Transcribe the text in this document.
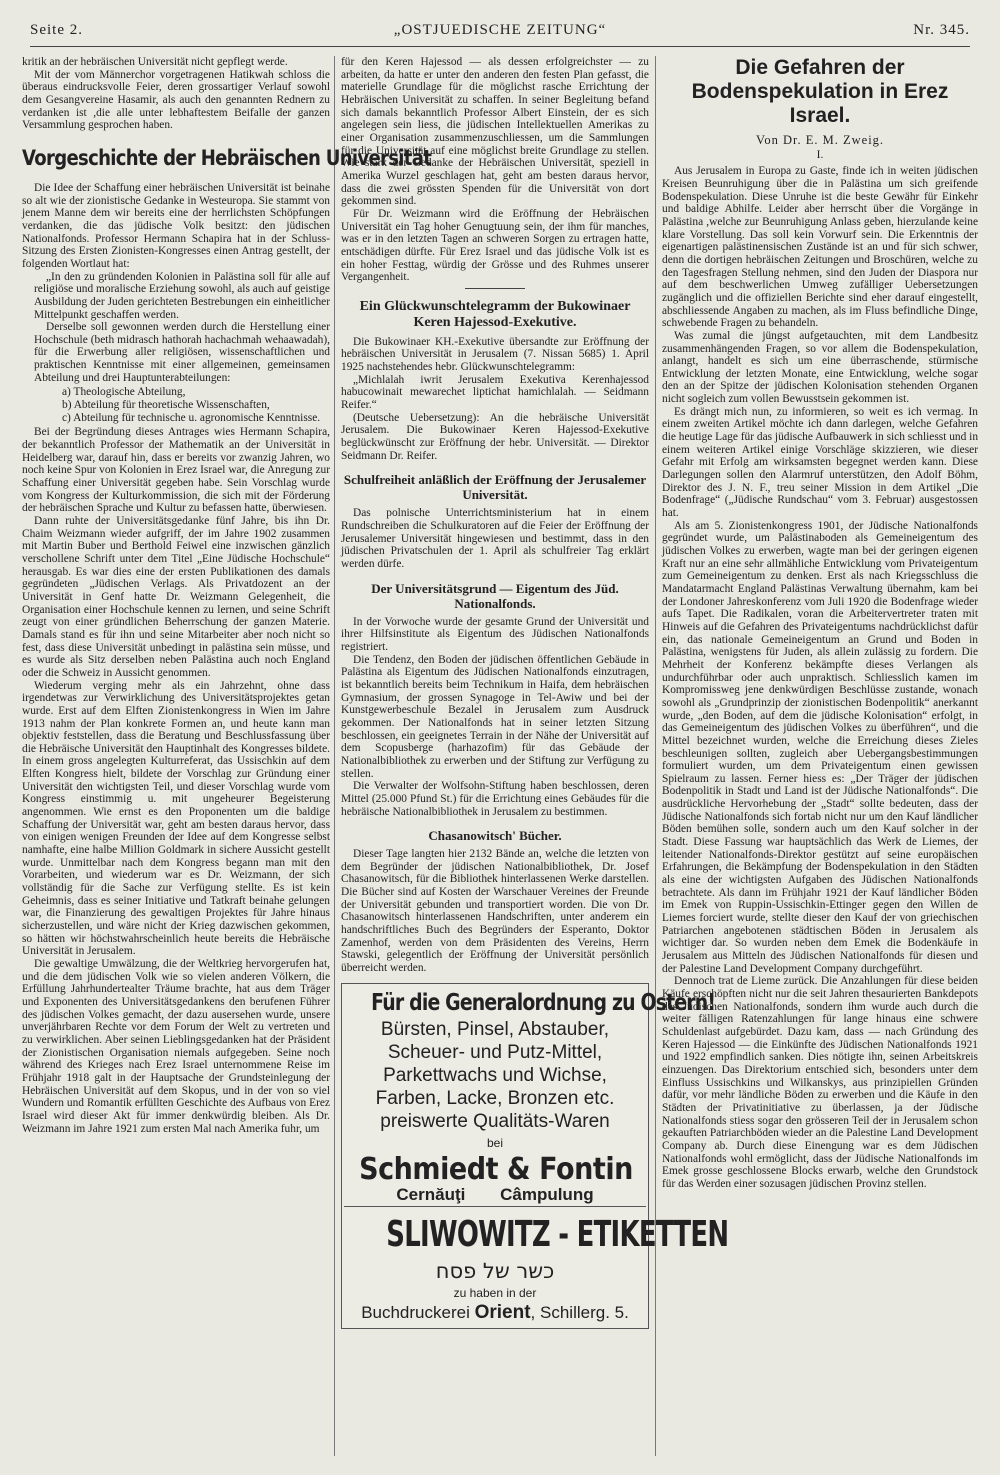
Seite 2.	„OSTJUEDISCHE ZEITUNG“	Nr. 345.

kritik an der hebräischen Universität nicht gepflegt werde.

Mit der vom Männerchor vorgetragenen Hatikwah schloss die überaus eindrucksvolle Feier, deren grossartiger Verlauf sowohl dem Gesangvereine Hasamir, als auch den genannten Rednern zu verdanken ist ,die alle unter lebhaftestem Beifalle der ganzen Versammlung gesprochen haben.

Vorgeschichte der Hebräischen Universität

Die Idee der Schaffung einer hebräischen Universität ist beinahe so alt wie der zionistische Gedanke in Westeuropa. Sie stammt von jenem Manne dem wir bereits eine der herrlichsten Schöpfungen verdanken, die das jüdische Volk besitzt: den jüdischen Nationalfonds. Professor Hermann Schapira hat in der Schluss-Sitzung des Ersten Zionisten-Kongresses einen Antrag gestellt, der folgenden Wortlaut hat:

„In den zu gründenden Kolonien in Palästina soll für alle auf religiöse und moralische Erziehung sowohl, als auch auf geistige Ausbildung der Juden gerichteten Bestrebungen ein einheitlicher Mittelpunkt geschaffen werden.

Derselbe soll gewonnen werden durch die Herstellung einer Hochschule (beth midrasch hathorah hachachmah wehaawadah), für die Erwerbung aller religiösen, wissenschaftlichen und praktischen Kenntnisse mit einer allgemeinen, gemeinsamen Abteilung und drei Hauptunterabteilungen:

a) Theologische Abteilung,
b) Abteilung für theoretische Wissenschaften,
c) Abteilung für technische u. agronomische Kenntnisse.

Bei der Begründung dieses Antrages wies Hermann Schapira, der bekanntlich Professor der Mathematik an der Universität in Heidelberg war, darauf hin, dass er bereits vor zwanzig Jahren, wo noch keine Spur von Kolonien in Erez Israel war, die Anregung zur Schaffung einer Universität gegeben habe. Sein Vorschlag wurde vom Kongress der Kulturkommission, die sich mit der Förderung der hebräischen Sprache und Kultur zu befassen hatte, überwiesen.

Dann ruhte der Universitätsgedanke fünf Jahre, bis ihn Dr. Chaim Weizmann wieder aufgriff, der im Jahre 1902 zusammen mit Martin Buber und Berthold Feiwel eine inzwischen gänzlich verschollene Schrift unter dem Titel „Eine Jüdische Hochschule“ herausgab. Es war dies eine der ersten Publikationen des damals gegründeten „Jüdischen Verlags. Als Privatdozent an der Universität in Genf hatte Dr. Weizmann Gelegenheit, die Organisation einer Hochschule kennen zu lernen, und seine Schrift zeugt von einer gründlichen Beherrschung der ganzen Materie. Damals stand es für ihn und seine Mitarbeiter aber noch nicht so fest, dass diese Universität unbedingt in palästina sein müsse, und es wurde als Sitz derselben neben Palästina auch noch England oder die Schweiz in Aussicht genommen.

Wiederum verging mehr als ein Jahrzehnt, ohne dass irgendetwas zur Verwirklichung des Universitätsprojektes getan wurde. Erst auf dem Elften Zionistenkongress in Wien im Jahre 1913 nahm der Plan konkrete Formen an, und heute kann man objektiv feststellen, dass die Beratung und Beschlussfassung über die Hebräische Universität den Hauptinhalt des Kongresses bildete. In einem gross angelegten Kulturreferat, das Ussischkin auf dem Elften Kongress hielt, bildete der Vorschlag zur Gründung einer Universität den wichtigsten Teil, und dieser Vorschlag wurde vom Kongress einstimmig u. mit ungeheurer Begeisterung angenommen. Wie ernst es den Proponenten um die baldige Schaffung der Universität war, geht am besten daraus hervor, dass von einigen wenigen Freunden der Idee auf dem Kongresse selbst namhafte, eine halbe Million Goldmark in sichere Aussicht gestellt wurde. Unmittelbar nach dem Kongress begann man mit den Vorarbeiten, und wiederum war es Dr. Weizmann, der sich vollständig für die Sache zur Verfügung stellte. Es ist kein Geheimnis, dass es seiner Initiative und Tatkraft beinahe gelungen war, die Finanzierung des gewaltigen Projektes für Jahre hinaus sicherzustellen, und wäre nicht der Krieg dazwischen gekommen, so hätten wir höchstwahrscheinlich heute bereits die Hebräische Universität in Jerusalem.

Die gewaltige Umwälzung, die der Weltkrieg hervorgerufen hat, und die dem jüdischen Volk wie so vielen anderen Völkern, die Erfüllung Jahrhundertealter Träume brachte, hat aus dem Träger und Exponenten des Universitätsgedankens den berufenen Führer des jüdischen Volkes gemacht, der dazu ausersehen wurde, unsere unverjährbaren Rechte vor dem Forum der Welt zu vertreten und zu verwirklichen. Aber seinen Lieblingsgedanken hat der Präsident der Zionistischen Organisation niemals aufgegeben. Seine noch während des Krieges nach Erez Israel unternommene Reise im Frühjahr 1918 galt in der Hauptsache der Grundsteinlegung der Hebräischen Universität auf dem Skopus, und in der von so viel Wundern und Romantik erfüllten Geschichte des Aufbaus von Erez Israel wird dieser Akt für immer denkwürdig bleiben. Als Dr. Weizmann im Jahre 1921 zum ersten Mal nach Amerika fuhr, um

für den Keren Hajessod — als dessen erfolgreichster — zu arbeiten, da hatte er unter den anderen den festen Plan gefasst, die materielle Grundlage für die möglichst rasche Errichtung der Hebräischen Universität zu schaffen. In seiner Begleitung befand sich damals bekanntlich Professor Albert Einstein, der es sich angelegen sein liess, die jüdischen Intellektuellen Amerikas zu einer Organisation zusammenzuschliessen, um die Sammlungen für die Universität auf eine möglichst breite Grundlage zu stellen. Wie stark der Gedanke der Hebräischen Universität, speziell in Amerika Wurzel geschlagen hat, geht am besten daraus hervor, dass die zwei grössten Spenden für die Universität von dort gekommen sind.

Für Dr. Weizmann wird die Eröffnung der Hebräischen Universität ein Tag hoher Genugtuung sein, der ihm für manches, was er in den letzten Tagen an schweren Sorgen zu ertragen hatte, entschädigen dürfte. Für Erez Israel und das jüdische Volk ist es ein hoher Festtag, würdig der Grösse und des Ruhmes unserer Vergangenheit.

Ein Glückwunschtelegramm der Bukowinaer Keren Hajessod-Exekutive.

Die Bukowinaer KH.-Exekutive übersandte zur Eröffnung der hebräischen Universität in Jerusalem (7. Nissan 5685) 1. April 1925 nachstehendes hebr. Glückwunschtelegramm:

„Michlalah iwrit Jerusalem Exekutiva Kerenhajessod habucowinait mewarechet liptichat hamichlalah. — Seidmann Reifer.“

(Deutsche Uebersetzung): An die hebräische Universität Jerusalem. Die Bukowinaer Keren Hajessod-Exekutive beglückwünscht zur Eröffnung der hebr. Universität. — Direktor Seidmann Dr. Reifer.

Schulfreiheit anläßlich der Eröffnung der Jerusalemer Universität.

Das polnische Unterrichtsministerium hat in einem Rundschreiben die Schulkuratoren auf die Feier der Eröffnung der Jerusalemer Universität hingewiesen und bestimmt, dass in den jüdischen Privatschulen der 1. April als schulfreier Tag erklärt werden dürfe.

Der Universitätsgrund — Eigentum des Jüd. Nationalfonds.

In der Vorwoche wurde der gesamte Grund der Universität und ihrer Hilfsinstitute als Eigentum des Jüdischen Nationalfonds registriert.

Die Tendenz, den Boden der jüdischen öffentlichen Gebäude in Palästina als Eigentum des Jüdischen Nationalfonds einzutragen, ist bekanntlich bereits beim Technikum in Haifa, dem hebräischen Gymnasium, der grossen Synagoge in Tel-Awiw und bei der Kunstgewerbeschule Bezalel in Jerusalem zum Ausdruck gekommen. Der Nationalfonds hat in seiner letzten Sitzung beschlossen, ein geeignetes Terrain in der Nähe der Universität auf dem Scopusberge (harhazofim) für das Gebäude der Nationalbibliothek zu erwerben und der Stiftung zur Verfügung zu stellen.

Die Verwalter der Wolfsohn-Stiftung haben beschlossen, deren Mittel (25.000 Pfund St.) für die Errichtung eines Gebäudes für die hebräische Nationalbibliothek in Jerusalem zu bestimmen.

Chasanowitsch' Bücher.

Dieser Tage langten hier 2132 Bände an, welche die letzten von dem Begründer der jüdischen Nationalbibliothek, Dr. Josef Chasanowitsch, für die Bibliothek hinterlassenen Werke darstellen. Die Bücher sind auf Kosten der Warschauer Vereines der Freunde der Universität gebunden und transportiert worden. Die von Dr. Chasanowitsch hinterlassenen Handschriften, unter anderem ein handschriftliches Buch des Begründers der Esperanto, Doktor Zamenhof, werden von dem Präsidenten des Vereins, Herrn Stawski, gelegentlich der Eröffnung der Universität persönlich überreicht werden.

Für die Generalordnung zu Ostern!
Bürsten, Pinsel, Abstauber,
Scheuer- und Putz-Mittel,
Parkettwachs und Wichse,
Farben, Lacke, Bronzen etc.
preiswerte Qualitäts-Waren
bei
Schmiedt & Fontin
Cernăuţi Câmpulung
SLIWOWITZ - ETIKETTEN
כשר של פסח
zu haben in der
Buchdruckerei Orient, Schillerg. 5.
Die Gefahren der Bodenspekulation in Erez Israel.
Von Dr. E. M. Zweig.
I.

Aus Jerusalem in Europa zu Gaste, finde ich in weiten jüdischen Kreisen Beunruhigung über die in Palästina um sich greifende Bodenspekulation. Diese Unruhe ist die beste Gewähr für Einkehr und baldige Abhilfe. Leider aber herrscht über die Vorgänge in Palästina ,welche zur Beunruhigung Anlass geben, hierzulande keine klare Vorstellung. Das soll kein Vorwurf sein. Die Erkenntnis der eigenartigen palästinensischen Zustände ist an und für sich schwer, denn die dortigen hebräischen Zeitungen und Broschüren, welche zu den Tagesfragen Stellung nehmen, sind den Juden der Diaspora nur auf dem beschwerlichen Umweg zufälliger Uebersetzungen zugänglich und die offiziellen Berichte sind eher darauf eingestellt, abschliessende Angaben zu machen, als im Fluss befindliche Dinge, schwebende Fragen zu behandeln.

Was zumal die jüngst aufgetauchten, mit dem Landbesitz zusammenhängenden Fragen, so vor allem die Bodenspekulation, anlangt, handelt es sich um eine überraschende, stürmische Entwicklung der letzten Monate, eine Entwicklung, welche sogar den an der Spitze der jüdischen Kolonisation stehenden Organen nicht sogleich zum vollen Bewusstsein gekommen ist.

Es drängt mich nun, zu informieren, so weit es ich vermag. In einem zweiten Artikel möchte ich dann darlegen, welche Gefahren die heutige Lage für das jüdische Aufbauwerk in sich schliesst und in einem weiteren Artikel einige Vorschläge skizzieren, wie dieser Gefahr mit Erfolg am wirksamsten begegnet werden kann. Diese Darlegungen sollen den Alarmruf unterstützen, den Adolf Böhm, Direktor des J. N. F., treu seiner Mission in dem Artikel „Die Bodenfrage“ („Jüdische Rundschau“ vom 3. Februar) ausgestossen hat.

Als am 5. Zionistenkongress 1901, der Jüdische Nationalfonds gegründet wurde, um Palästinaboden als Gemeineigentum des jüdischen Volkes zu erwerben, wagte man bei der geringen eigenen Kraft nur an eine sehr allmähliche Entwicklung vom Privateigentum zum Gemeineigentum zu denken. Erst als nach Kriegsschluss die Mandatarmacht England Palästinas Verwaltung übernahm, kam bei der Londoner Jahreskonferenz vom Juli 1920 die Bodenfrage wieder aufs Tapet. Die Radikalen, voran die Arbeitervertreter traten mit Hinweis auf die Gefahren des Privateigentums nachdrücklichst dafür ein, das nationale Gemeineigentum an Grund und Boden in Palästina, wenigstens für Juden, als allein zulässig zu fordern. Die Mehrheit der Konferenz bekämpfte dieses Verlangen als undurchführbar oder auch unpraktisch. Schliesslich kamen im Kompromissweg jene denkwürdigen Beschlüsse zustande, wonach sowohl als „Grundprinzip der zionistischen Bodenpolitik“ anerkannt wurde, „den Boden, auf dem die jüdische Kolonisation“ erfolgt, in das Gemeineigentum des jüdischen Volkes zu überführen“, und die Mittel bezeichnet wurden, welche die Erreichung dieses Zieles beschleunigen sollten, zugleich aber Uebergangsbestimmungen formuliert wurden, um dem Privateigentum einen gewissen Spielraum zu lassen. Ferner hiess es: „Der Träger der jüdischen Bodenpolitik in Stadt und Land ist der Jüdische Nationalfonds“. Die ausdrückliche Hervorhebung der „Stadt“ sollte bedeuten, dass der Jüdische Nationalfonds sich fortab nicht nur um den Kauf ländlicher Böden bemühen solle, sondern auch um den Kauf solcher in der Stadt. Diese Fassung war hauptsächlich das Werk de Liemes, der leitender Nationalfonds-Direktor gestützt auf seine europäischen Erfahrungen, die Bekämpfung der Bodenspekulation in den Städten als eine der wichtigsten Aufgaben des Jüdischen Nationalfonds betrachtete. Als dann im Frühjahr 1921 der Kauf ländlicher Böden im Emek von Ruppin-Ussischkin-Ettinger gegen den Willen de Liemes forciert wurde, stellte dieser den Kauf der von griechischen Patriarchen angebotenen städtischen Böden in Jerusalem als wichtiger dar. So wurden neben dem Emek die Bodenkäufe in Jerusalem aus Mitteln des Jüdischen Nationalfonds für diesen und der Palestine Land Development Company durchgeführt.

Dennoch trat de Lieme zurück. Die Anzahlungen für diese beiden Käufe erschöpften nicht nur die seit Jahren thesaurierten Bankdepots des Jüdischen Nationalfonds, sondern ihm wurde auch durch die weiter fälligen Ratenzahlungen für lange hinaus eine schwere Schuldenlast aufgebürdet. Dazu kam, dass — nach Gründung des Keren Hajessod — die Einkünfte des Jüdischen Nationalfonds 1921 und 1922 empfindlich sanken. Dies nötigte ihn, seinen Arbeitskreis einzuengen. Das Direktorium entschied sich, besonders unter dem Einfluss Ussischkins und Wilkanskys, aus prinzipiellen Gründen dafür, vor mehr ländliche Böden zu erwerben und die Käufe in den Städten der Privatinitiative zu überlassen, ja der Jüdische Nationalfonds stiess sogar den grösseren Teil der in Jerusalem schon gekauften Patriarchböden wieder an die Palestine Land Development Company ab. Durch diese Einengung war es dem Jüdischen Nationalfonds wohl ermöglicht, dass der Jüdische Nationalfonds im Emek grosse geschlossene Blocks erwarb, welche den Grundstock für das Werden einer sozusagen jüdischen Provinz stellen.
